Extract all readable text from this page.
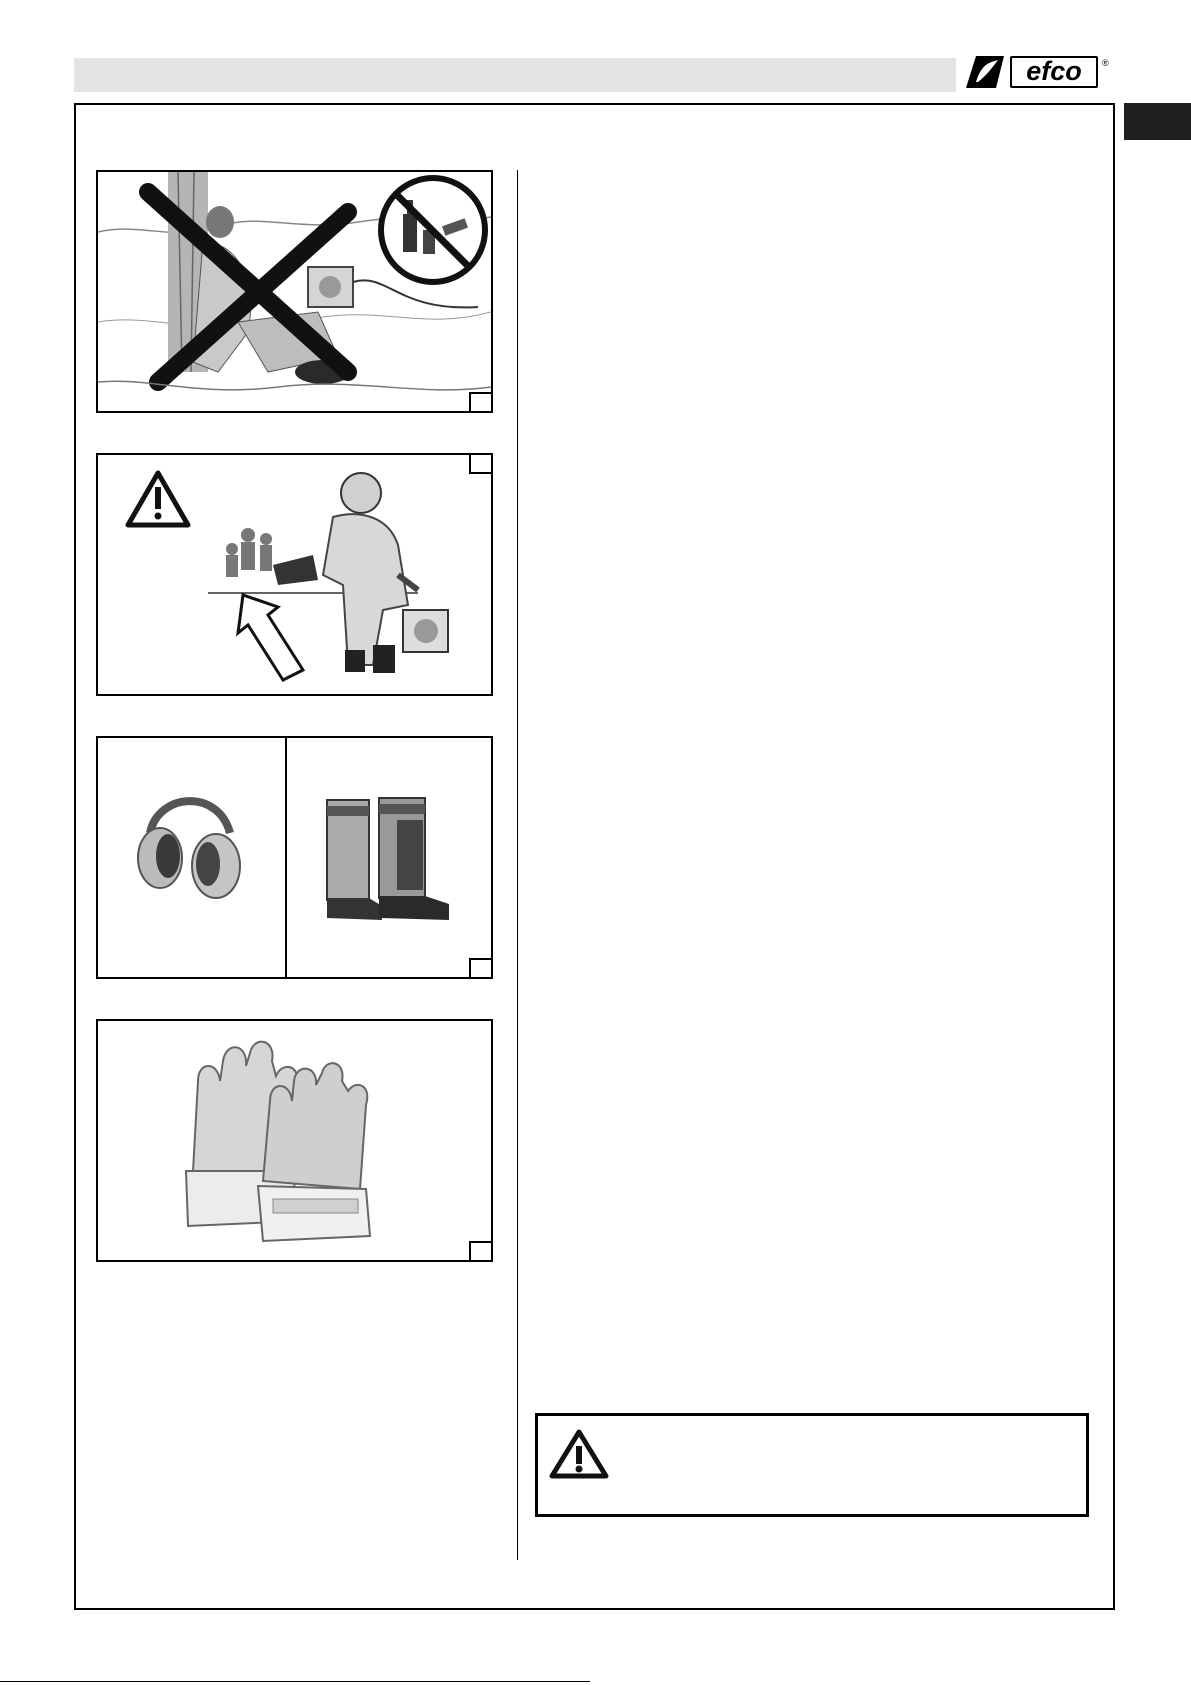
efco	®
